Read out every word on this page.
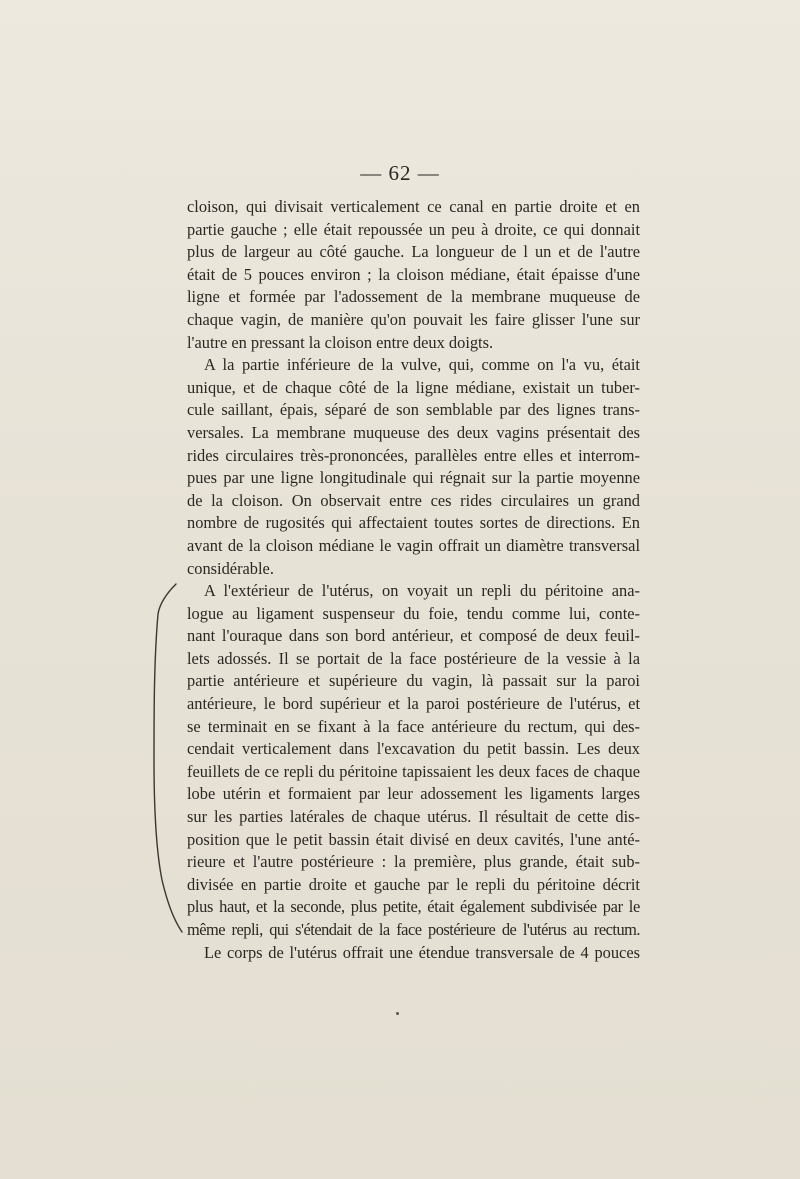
— 62 —
cloison, qui divisait verticalement ce canal en partie droite et en
partie gauche ; elle était repoussée un peu à droite, ce qui donnait
plus de largeur au côté gauche. La longueur de l un et de l'autre
était de 5 pouces environ ; la cloison médiane, était épaisse d'une
ligne et formée par l'adossement de la membrane muqueuse de
chaque vagin, de manière qu'on pouvait les faire glisser l'une sur
l'autre en pressant la cloison entre deux doigts.
A la partie inférieure de la vulve, qui, comme on l'a vu, était
unique, et de chaque côté de la ligne médiane, existait un tuber-
cule saillant, épais, séparé de son semblable par des lignes trans-
versales. La membrane muqueuse des deux vagins présentait des
rides circulaires très-prononcées, parallèles entre elles et interrom-
pues par une ligne longitudinale qui régnait sur la partie moyenne
de la cloison. On observait entre ces rides circulaires un grand
nombre de rugosités qui affectaient toutes sortes de directions. En
avant de la cloison médiane le vagin offrait un diamètre transversal
considérable.
A l'extérieur de l'utérus, on voyait un repli du péritoine ana-
logue au ligament suspenseur du foie, tendu comme lui, conte-
nant l'ouraque dans son bord antérieur, et composé de deux feuil-
lets adossés. Il se portait de la face postérieure de la vessie à la
partie antérieure et supérieure du vagin, là passait sur la paroi
antérieure, le bord supérieur et la paroi postérieure de l'utérus, et
se terminait en se fixant à la face antérieure du rectum, qui des-
cendait verticalement dans l'excavation du petit bassin. Les deux
feuillets de ce repli du péritoine tapissaient les deux faces de chaque
lobe utérin et formaient par leur adossement les ligaments larges
sur les parties latérales de chaque utérus. Il résultait de cette dis-
position que le petit bassin était divisé en deux cavités, l'une anté-
rieure et l'autre postérieure : la première, plus grande, était sub-
divisée en partie droite et gauche par le repli du péritoine décrit
plus haut, et la seconde, plus petite, était également subdivisée par le
même repli, qui s'étendait de la face postérieure de l'utérus au rectum.
Le corps de l'utérus offrait une étendue transversale de 4 pouces
